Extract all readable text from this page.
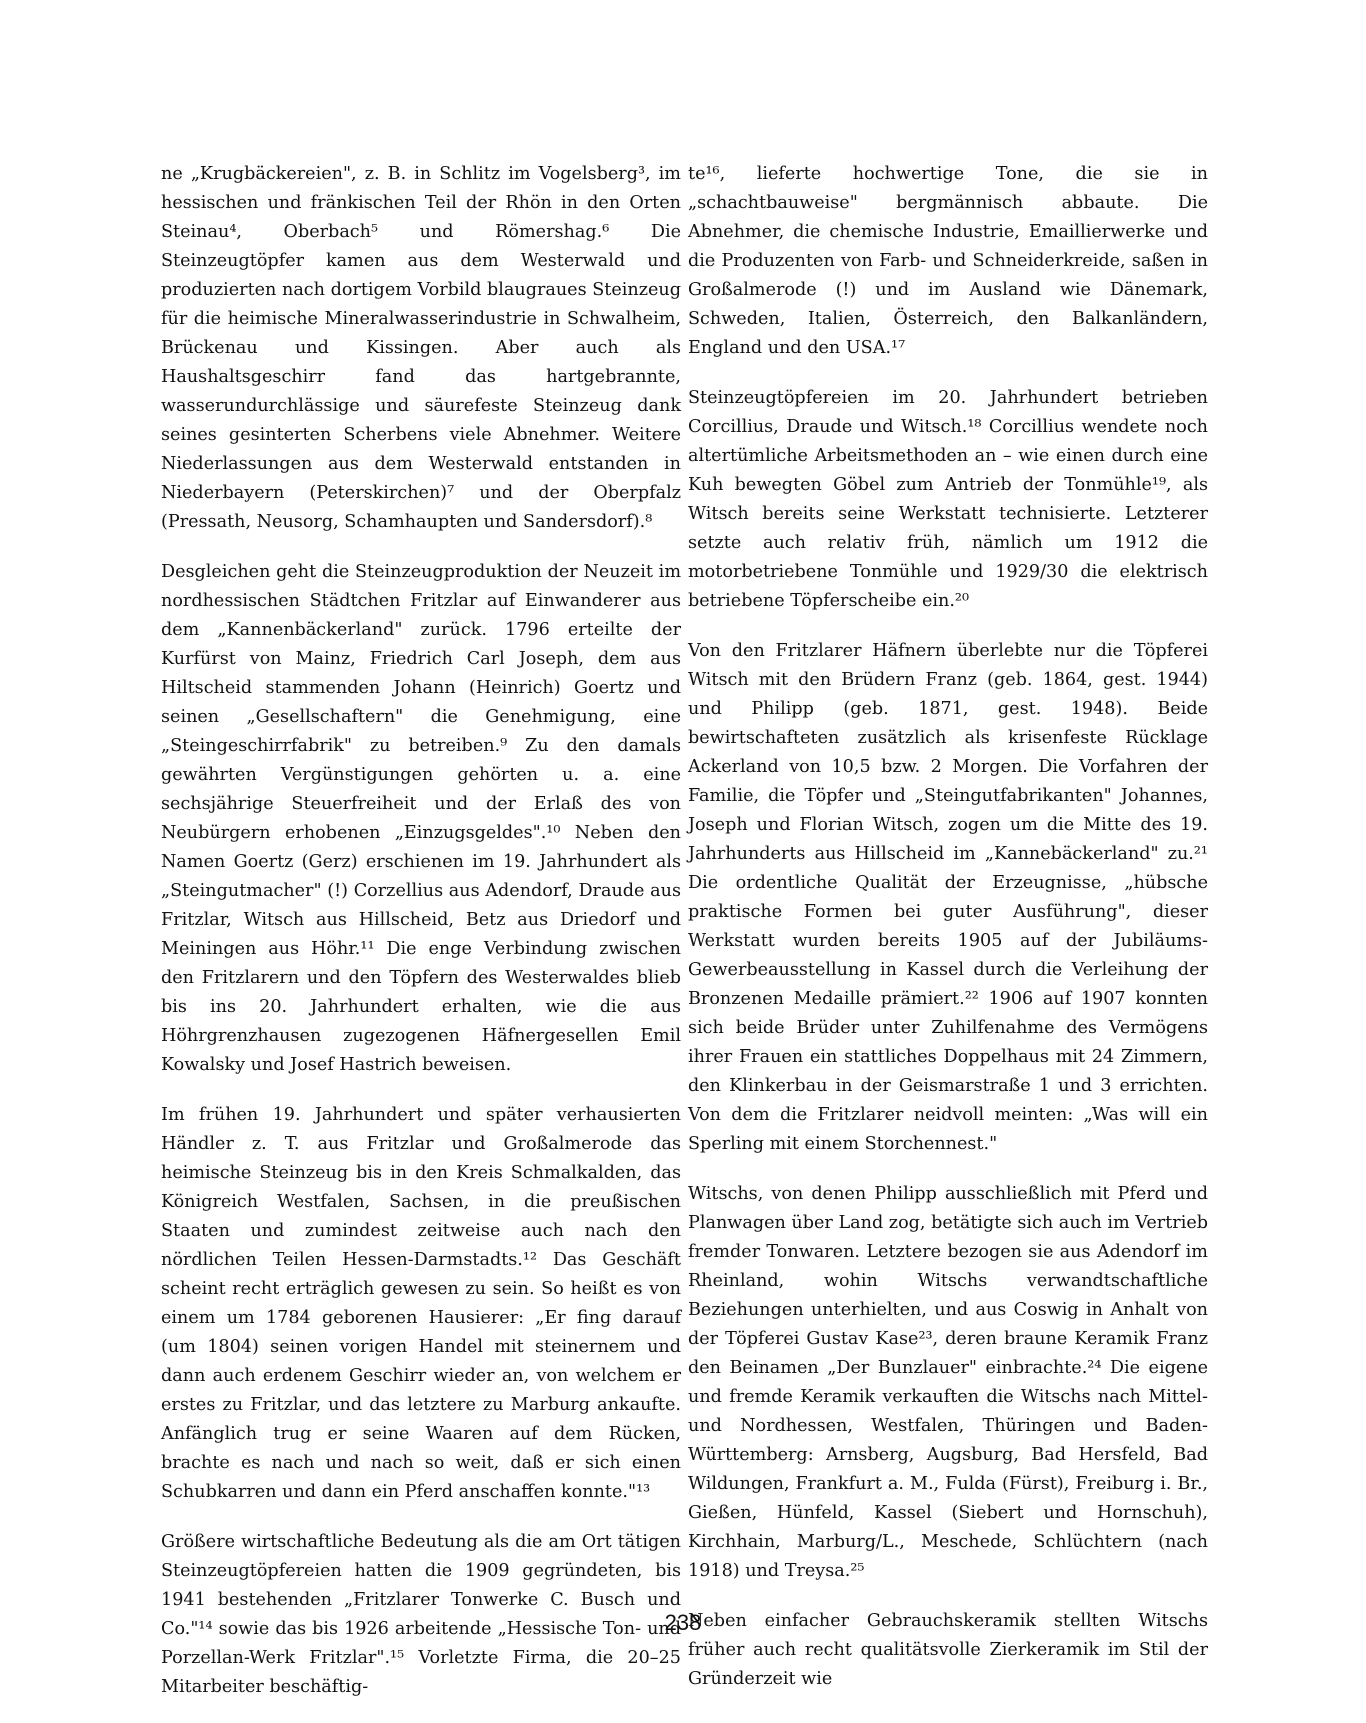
ne „Krugbäckereien", z. B. in Schlitz im Vogelsberg³, im hessischen und fränkischen Teil der Rhön in den Orten Steinau⁴, Oberbach⁵ und Römershag.⁶ Die Steinzeugtöpfer kamen aus dem Westerwald und produzierten nach dortigem Vorbild blaugraues Steinzeug für die heimische Mineralwasserindustrie in Schwalheim, Brückenau und Kissingen. Aber auch als Haushaltsgeschirr fand das hartgebrannte, wasserundurchlässige und säurefeste Steinzeug dank seines gesinterten Scherbens viele Abnehmer. Weitere Niederlassungen aus dem Westerwald entstanden in Niederbayern (Peterskirchen)⁷ und der Oberpfalz (Pressath, Neusorg, Schamhaupten und Sandersdorf).⁸

Desgleichen geht die Steinzeugproduktion der Neuzeit im nordhessischen Städtchen Fritzlar auf Einwanderer aus dem „Kannenbäckerland" zurück. 1796 erteilte der Kurfürst von Mainz, Friedrich Carl Joseph, dem aus Hiltscheid stammenden Johann (Heinrich) Goertz und seinen „Gesellschaftern" die Genehmigung, eine „Steingeschirrfabrik" zu betreiben.⁹ Zu den damals gewährten Vergünstigungen gehörten u. a. eine sechsjährige Steuerfreiheit und der Erlaß des von Neubürgern erhobenen „Einzugsgeldes".¹⁰ Neben den Namen Goertz (Gerz) erschienen im 19. Jahrhundert als „Steingutmacher" (!) Corzellius aus Adendorf, Draude aus Fritzlar, Witsch aus Hillscheid, Betz aus Driedorf und Meiningen aus Höhr.¹¹ Die enge Verbindung zwischen den Fritzlarern und den Töpfern des Westerwaldes blieb bis ins 20. Jahrhundert erhalten, wie die aus Höhrgrenzhausen zugezogenen Häfnergesellen Emil Kowalsky und Josef Hastrich beweisen.

Im frühen 19. Jahrhundert und später verhausierten Händler z. T. aus Fritzlar und Großalmerode das heimische Steinzeug bis in den Kreis Schmalkalden, das Königreich Westfalen, Sachsen, in die preußischen Staaten und zumindest zeitweise auch nach den nördlichen Teilen Hessen-Darmstadts.¹² Das Geschäft scheint recht erträglich gewesen zu sein. So heißt es von einem um 1784 geborenen Hausierer: „Er fing darauf (um 1804) seinen vorigen Handel mit steinernem und dann auch erdenem Geschirr wieder an, von welchem er erstes zu Fritzlar, und das letztere zu Marburg ankaufte. Anfänglich trug er seine Waaren auf dem Rücken, brachte es nach und nach so weit, daß er sich einen Schubkarren und dann ein Pferd anschaffen konnte."¹³

Größere wirtschaftliche Bedeutung als die am Ort tätigen Steinzeugtöpfereien hatten die 1909 gegründeten, bis 1941 bestehenden „Fritzlarer Tonwerke C. Busch und Co."¹⁴ sowie das bis 1926 arbeitende „Hessische Ton- und Porzellan-Werk Fritzlar".¹⁵ Vorletzte Firma, die 20–25 Mitarbeiter beschäftig-

te¹⁶, lieferte hochwertige Tone, die sie in „schachtbauweise" bergmännisch abbaute. Die Abnehmer, die chemische Industrie, Emaillierwerke und die Produzenten von Farb- und Schneiderkreide, saßen in Großalmerode (!) und im Ausland wie Dänemark, Schweden, Italien, Österreich, den Balkanländern, England und den USA.¹⁷

Steinzeugtöpfereien im 20. Jahrhundert betrieben Corcillius, Draude und Witsch.¹⁸ Corcillius wendete noch altertümliche Arbeitsmethoden an – wie einen durch eine Kuh bewegten Göbel zum Antrieb der Tonmühle¹⁹, als Witsch bereits seine Werkstatt technisierte. Letzterer setzte auch relativ früh, nämlich um 1912 die motorbetriebene Tonmühle und 1929/30 die elektrisch betriebene Töpferscheibe ein.²⁰

Von den Fritzlarer Häfnern überlebte nur die Töpferei Witsch mit den Brüdern Franz (geb. 1864, gest. 1944) und Philipp (geb. 1871, gest. 1948). Beide bewirtschafteten zusätzlich als krisenfeste Rücklage Ackerland von 10,5 bzw. 2 Morgen. Die Vorfahren der Familie, die Töpfer und „Steingutfabrikanten" Johannes, Joseph und Florian Witsch, zogen um die Mitte des 19. Jahrhunderts aus Hillscheid im „Kannebäckerland" zu.²¹ Die ordentliche Qualität der Erzeugnisse, „hübsche praktische Formen bei guter Ausführung", dieser Werkstatt wurden bereits 1905 auf der Jubiläums-Gewerbeausstellung in Kassel durch die Verleihung der Bronzenen Medaille prämiert.²² 1906 auf 1907 konnten sich beide Brüder unter Zuhilfenahme des Vermögens ihrer Frauen ein stattliches Doppelhaus mit 24 Zimmern, den Klinkerbau in der Geismarstraße 1 und 3 errichten. Von dem die Fritzlarer neidvoll meinten: „Was will ein Sperling mit einem Storchennest."

Witschs, von denen Philipp ausschließlich mit Pferd und Planwagen über Land zog, betätigte sich auch im Vertrieb fremder Tonwaren. Letztere bezogen sie aus Adendorf im Rheinland, wohin Witschs verwandtschaftliche Beziehungen unterhielten, und aus Coswig in Anhalt von der Töpferei Gustav Kase²³, deren braune Keramik Franz den Beinamen „Der Bunzlauer" einbrachte.²⁴ Die eigene und fremde Keramik verkauften die Witschs nach Mittel- und Nordhessen, Westfalen, Thüringen und Baden-Württemberg: Arnsberg, Augsburg, Bad Hersfeld, Bad Wildungen, Frankfurt a. M., Fulda (Fürst), Freiburg i. Br., Gießen, Hünfeld, Kassel (Siebert und Hornschuh), Kirchhain, Marburg/L., Meschede, Schlüchtern (nach 1918) und Treysa.²⁵

Neben einfacher Gebrauchskeramik stellten Witschs früher auch recht qualitätsvolle Zierkeramik im Stil der Gründerzeit wie

238
